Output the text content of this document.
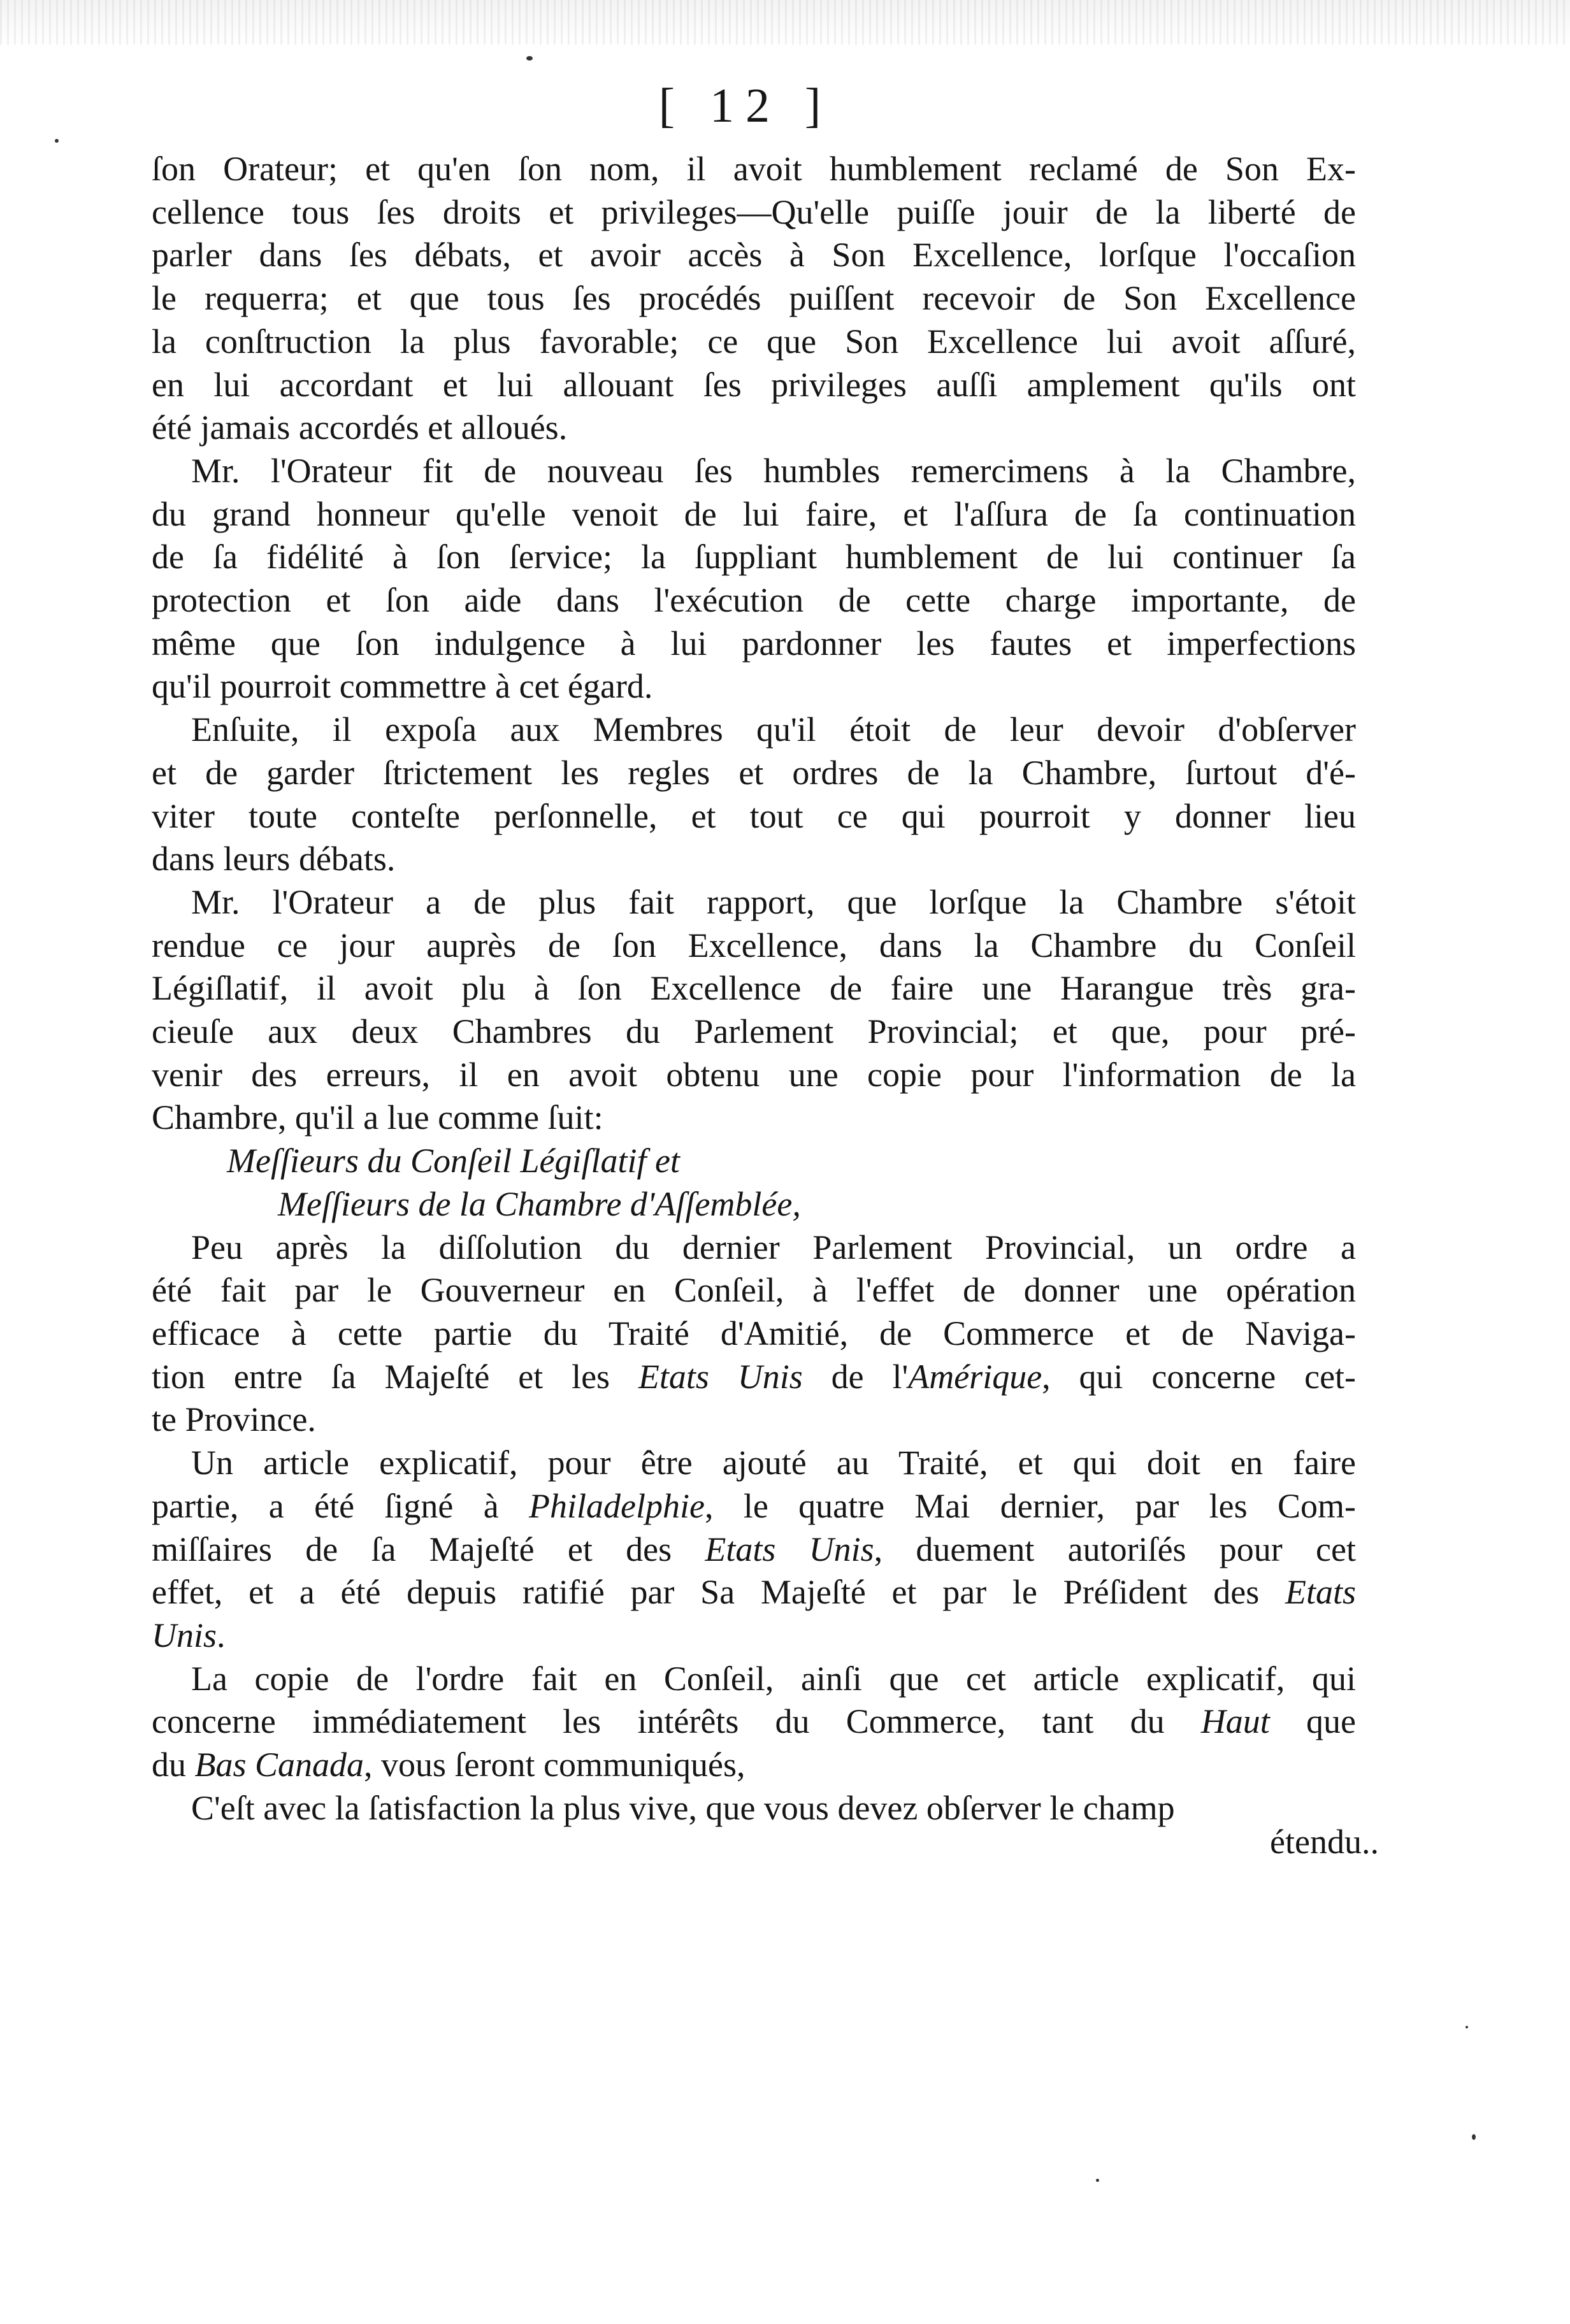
[ 12 ]

ſon Orateur; et qu'en ſon nom, il avoit humblement reclamé de Son Ex-
cellence tous ſes droits et privileges—Qu'elle puiſſe jouir de la liberté de
parler dans ſes débats, et avoir accès à Son Excellence, lorſque l'occaſion
le requerra; et que tous ſes procédés puiſſent recevoir de Son Excellence
la conſtruction la plus favorable; ce que Son Excellence lui avoit aſſuré,
en lui accordant et lui allouant ſes privileges auſſi amplement qu'ils ont
été jamais accordés et alloués.

Mr. l'Orateur fit de nouveau ſes humbles remercimens à la Chambre,
du grand honneur qu'elle venoit de lui faire, et l'aſſura de ſa continuation
de ſa fidélité à ſon ſervice; la ſuppliant humblement de lui continuer ſa
protection et ſon aide dans l'exécution de cette charge importante, de
même que ſon indulgence à lui pardonner les fautes et imperfections
qu'il pourroit commettre à cet égard.

Enſuite, il expoſa aux Membres qu'il étoit de leur devoir d'obſerver
et de garder ſtrictement les regles et ordres de la Chambre, ſurtout d'é-
viter toute conteſte perſonnelle, et tout ce qui pourroit y donner lieu
dans leurs débats.

Mr. l'Orateur a de plus fait rapport, que lorſque la Chambre s'étoit
rendue ce jour auprès de ſon Excellence, dans la Chambre du Conſeil
Légiſlatif, il avoit plu à ſon Excellence de faire une Harangue très gra-
cieuſe aux deux Chambres du Parlement Provincial; et que, pour pré-
venir des erreurs, il en avoit obtenu une copie pour l'information de la
Chambre, qu'il a lue comme ſuit:

Meſſieurs du Conſeil Légiſlatif et

Meſſieurs de la Chambre d'Aſſemblée,

Peu après la diſſolution du dernier Parlement Provincial, un ordre a
été fait par le Gouverneur en Conſeil, à l'effet de donner une opération
efficace à cette partie du Traité d'Amitié, de Commerce et de Naviga-
tion entre ſa Majeſté et les Etats Unis de l'Amérique, qui concerne cet-
te Province.

Un article explicatif, pour être ajouté au Traité, et qui doit en faire
partie, a été ſigné à Philadelphie, le quatre Mai dernier, par les Com-
miſſaires de ſa Majeſté et des Etats Unis, duement autoriſés pour cet
effet, et a été depuis ratifié par Sa Majeſté et par le Préſident des Etats
Unis.

La copie de l'ordre fait en Conſeil, ainſi que cet article explicatif, qui
concerne immédiatement les intérêts du Commerce, tant du Haut que
du Bas Canada, vous ſeront communiqués,

C'eſt avec la ſatisfaction la plus vive, que vous devez obſerver le champ

étendu..
